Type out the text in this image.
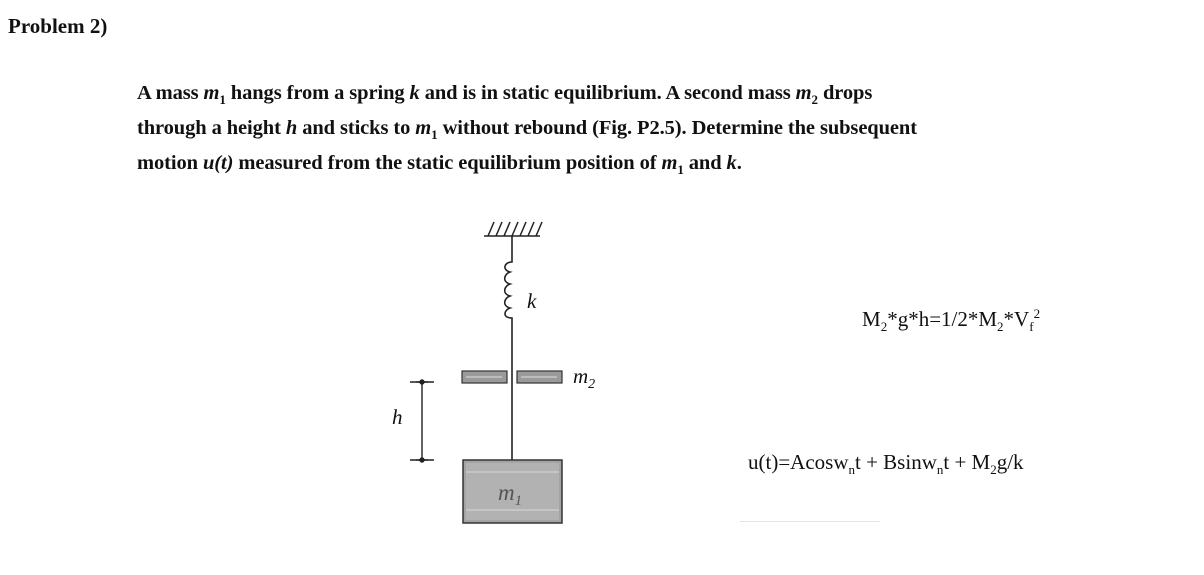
Problem 2)
A mass $m_1$ hangs from a spring k and is in static equilibrium. A second mass $m_2$ drops
through a height h and sticks to $m_1$ without rebound (Fig. P2.5). Determine the subsequent
motion u(t) measured from the static equilibrium position of $m_1$ and k.
k
$m_2$
$m_1$
h
$M_2*g*h=1/2*M_2*V_f^2$
$u(t)=Acosw_nt + Bsinw_nt + M_2g/k$
